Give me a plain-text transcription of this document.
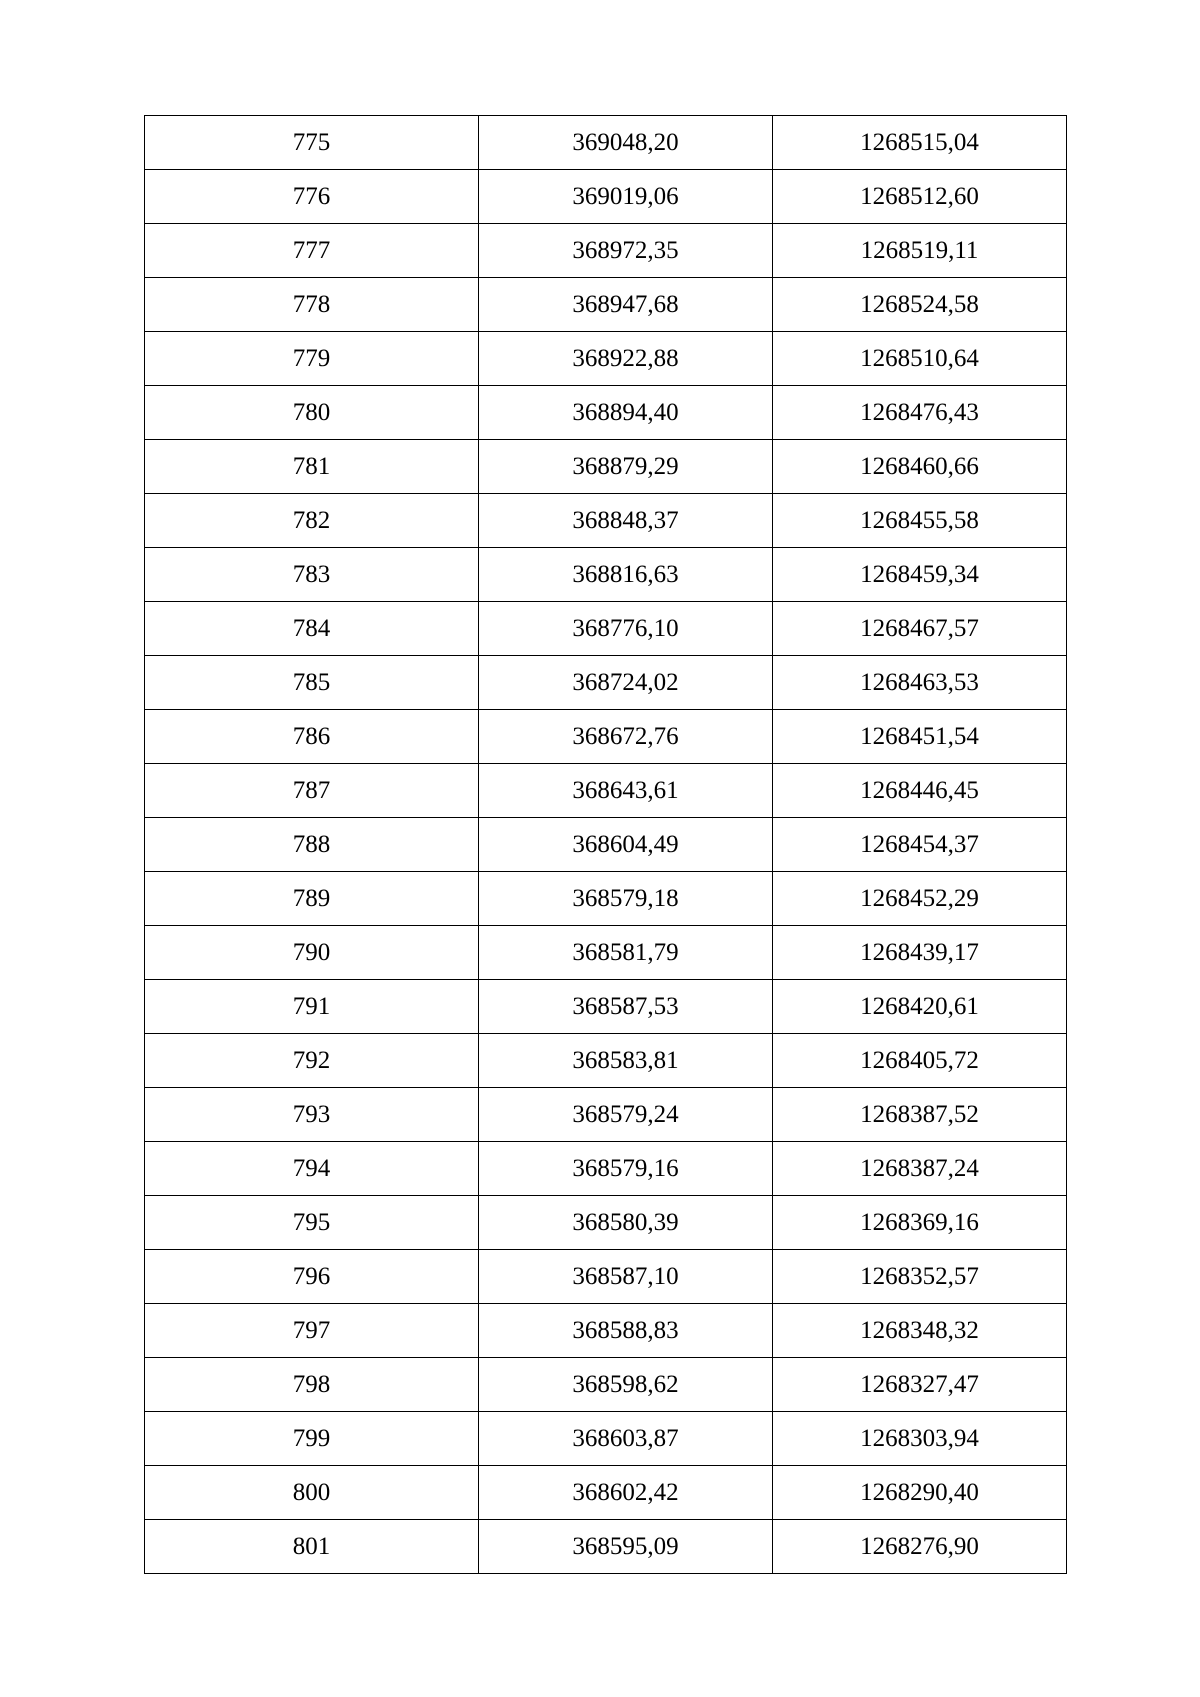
775	369048,20	1268515,04
776	369019,06	1268512,60
777	368972,35	1268519,11
778	368947,68	1268524,58
779	368922,88	1268510,64
780	368894,40	1268476,43
781	368879,29	1268460,66
782	368848,37	1268455,58
783	368816,63	1268459,34
784	368776,10	1268467,57
785	368724,02	1268463,53
786	368672,76	1268451,54
787	368643,61	1268446,45
788	368604,49	1268454,37
789	368579,18	1268452,29
790	368581,79	1268439,17
791	368587,53	1268420,61
792	368583,81	1268405,72
793	368579,24	1268387,52
794	368579,16	1268387,24
795	368580,39	1268369,16
796	368587,10	1268352,57
797	368588,83	1268348,32
798	368598,62	1268327,47
799	368603,87	1268303,94
800	368602,42	1268290,40
801	368595,09	1268276,90
